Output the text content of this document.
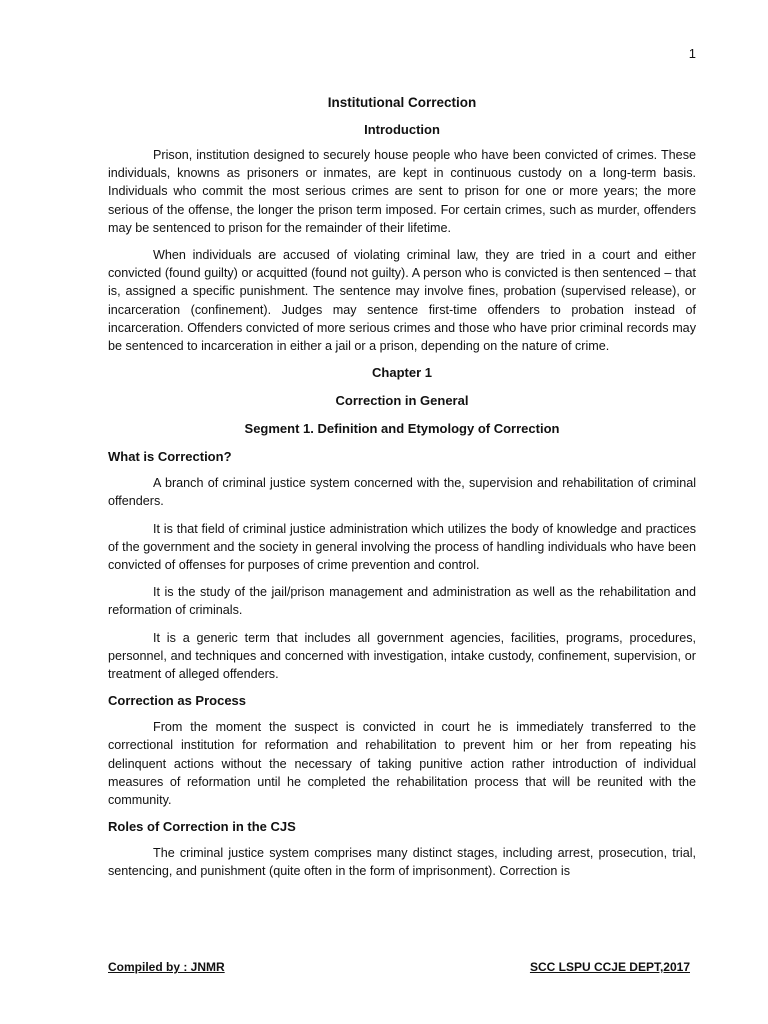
1
Institutional Correction
Introduction

Prison, institution designed to securely house people who have been convicted of crimes. These individuals, knowns as prisoners or inmates, are kept in continuous custody on a long-term basis. Individuals who commit the most serious crimes are sent to prison for one or more years; the more serious of the offense, the longer the prison term imposed. For certain crimes, such as murder, offenders may be sentenced to prison for the remainder of their lifetime.

When individuals are accused of violating criminal law, they are tried in a court and either convicted (found guilty) or acquitted (found not guilty). A person who is convicted is then sentenced – that is, assigned a specific punishment. The sentence may involve fines, probation (supervised release), or incarceration (confinement). Judges may sentence first-time offenders to probation instead of incarceration. Offenders convicted of more serious crimes and those who have prior criminal records may be sentenced to incarceration in either a jail or a prison, depending on the nature of crime.

Chapter 1
Correction in General
Segment 1. Definition and Etymology of Correction
What is Correction?

A branch of criminal justice system concerned with the, supervision and rehabilitation of criminal offenders.

It is that field of criminal justice administration which utilizes the body of knowledge and practices of the government and the society in general involving the process of handling individuals who have been convicted of offenses for purposes of crime prevention and control.

It is the study of the jail/prison management and administration as well as the rehabilitation and reformation of criminals.

It is a generic term that includes all government agencies, facilities, programs, procedures, personnel, and techniques and concerned with investigation, intake custody, confinement, supervision, or treatment of alleged offenders.

Correction as Process

From the moment the suspect is convicted in court he is immediately transferred to the correctional institution for reformation and rehabilitation to prevent him or her from repeating his delinquent actions without the necessary of taking punitive action rather introduction of individual measures of reformation until he completed the rehabilitation process that will be reunited with the community.

Roles of Correction in the CJS

The criminal justice system comprises many distinct stages, including arrest, prosecution, trial, sentencing, and punishment (quite often in the form of imprisonment). Correction is

Compiled by : JNMR	SCC LSPU CCJE DEPT,2017
